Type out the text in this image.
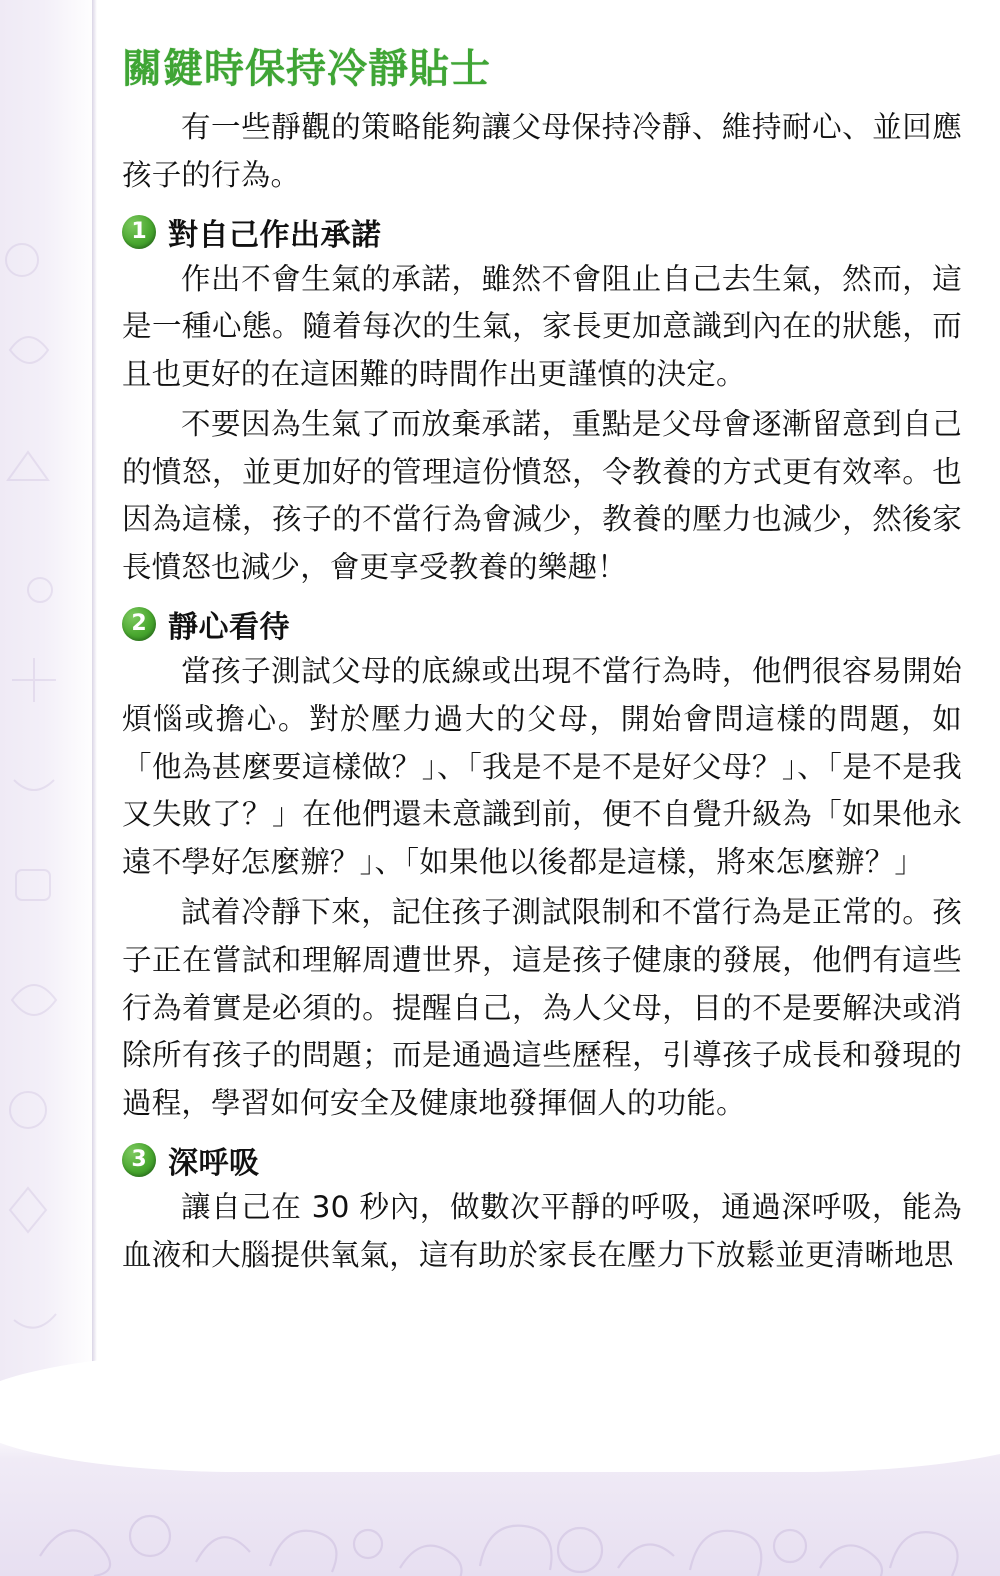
關鍵時保持冷靜貼士

有一些靜觀的策略能夠讓父母保持冷靜、維持耐心、並回應孩子的行為。

1 對自己作出承諾

作出不會生氣的承諾，雖然不會阻止自己去生氣，然而，這是一種心態。隨着每次的生氣，家長更加意識到內在的狀態，而且也更好的在這困難的時間作出更謹慎的決定。

不要因為生氣了而放棄承諾，重點是父母會逐漸留意到自己的憤怒，並更加好的管理這份憤怒，令教養的方式更有效率。也因為這樣，孩子的不當行為會減少，教養的壓力也減少，然後家長憤怒也減少，會更享受教養的樂趣！

2 靜心看待

當孩子測試父母的底線或出現不當行為時，他們很容易開始煩惱或擔心。對於壓力過大的父母，開始會問這樣的問題，如「他為甚麼要這樣做？」、「我是不是不是好父母？」、「是不是我又失敗了？」在他們還未意識到前，便不自覺升級為「如果他永遠不學好怎麼辦？」、「如果他以後都是這樣，將來怎麼辦？」

試着冷靜下來，記住孩子測試限制和不當行為是正常的。孩子正在嘗試和理解周遭世界，這是孩子健康的發展，他們有這些行為着實是必須的。提醒自己，為人父母，目的不是要解決或消除所有孩子的問題；而是通過這些歷程，引導孩子成長和發現的過程，學習如何安全及健康地發揮個人的功能。

3 深呼吸

讓自己在 30 秒內，做數次平靜的呼吸，通過深呼吸，能為血液和大腦提供氧氣，這有助於家長在壓力下放鬆並更清晰地思
